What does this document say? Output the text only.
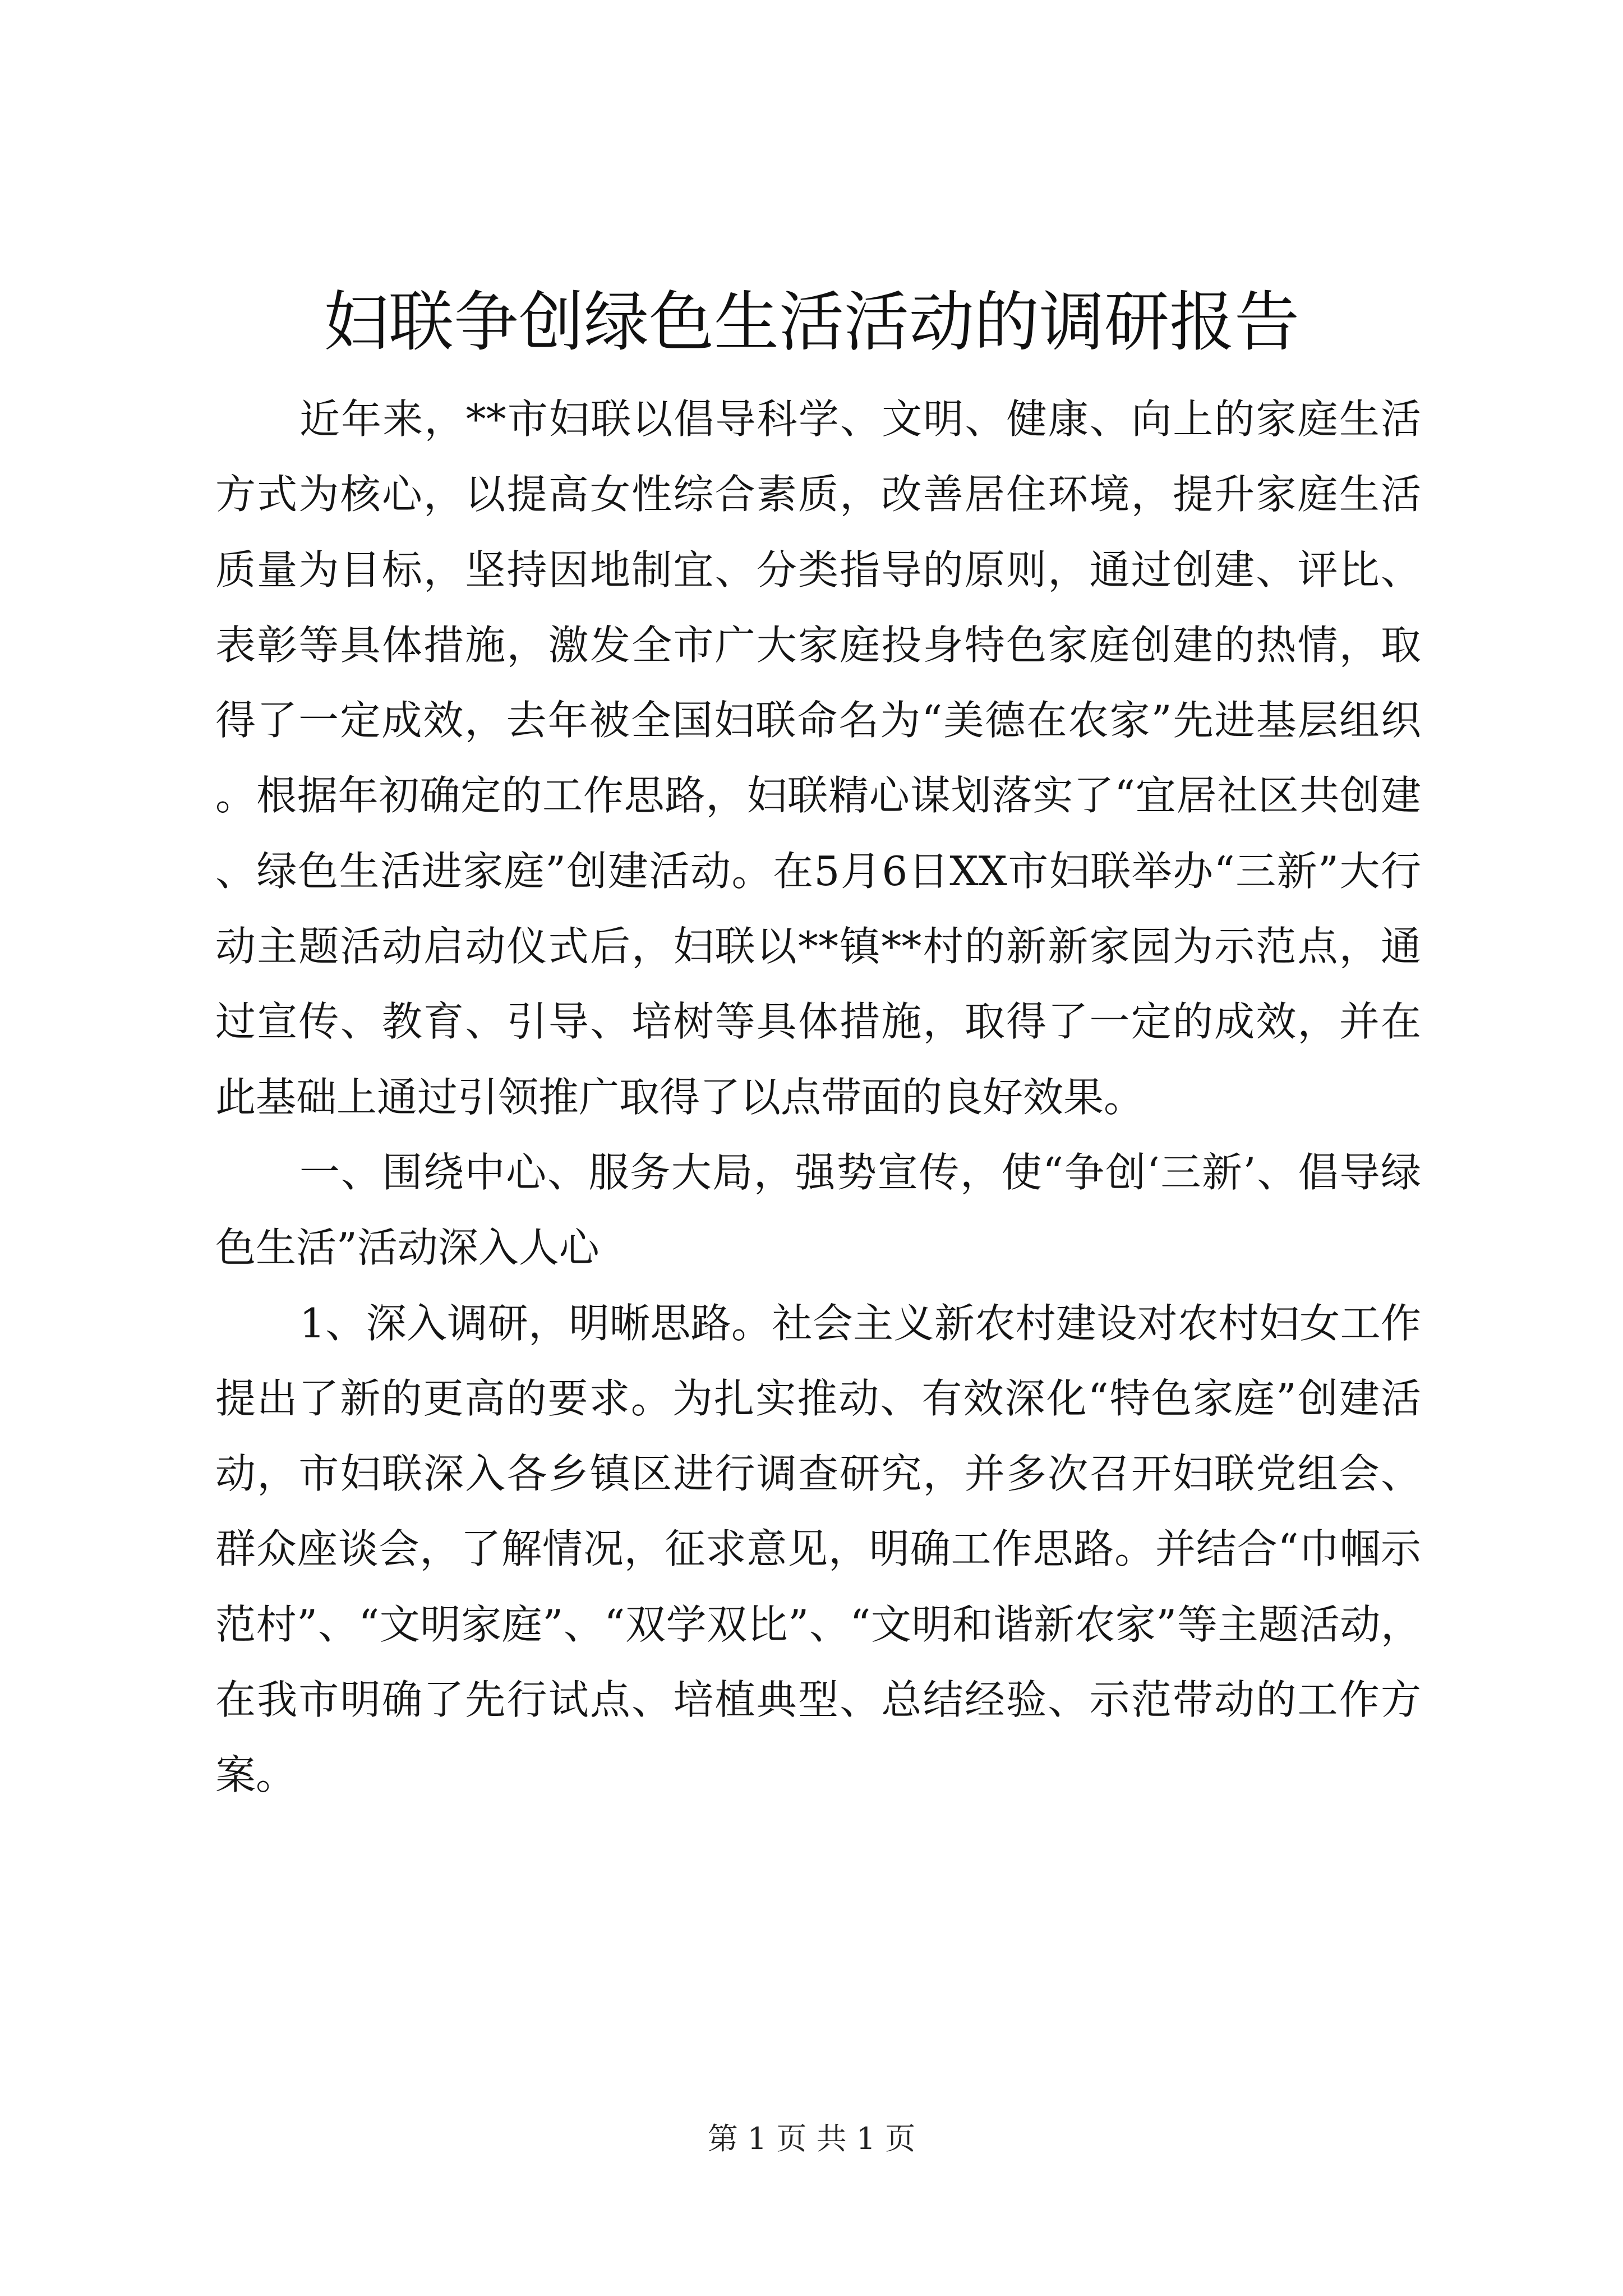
妇联争创绿色生活活动的调研报告

近年来，**市妇联以倡导科学、文明、健康、向上的家庭生活方式为核心，以提高女性综合素质，改善居住环境，提升家庭生活质量为目标，坚持因地制宜、分类指导的原则，通过创建、评比、表彰等具体措施，激发全市广大家庭投身特色家庭创建的热情，取得了一定成效，去年被全国妇联命名为“美德在农家”先进基层组织。根据年初确定的工作思路，妇联精心谋划落实了“宜居社区共创建、绿色生活进家庭”创建活动。在5月6日XX市妇联举办“三新”大行动主题活动启动仪式后，妇联以**镇**村的新新家园为示范点，通过宣传、教育、引导、培树等具体措施，取得了一定的成效，并在此基础上通过引领推广取得了以点带面的良好效果。

一、围绕中心、服务大局，强势宣传，使“争创‘三新’、倡导绿色生活”活动深入人心

1、深入调研，明晰思路。社会主义新农村建设对农村妇女工作提出了新的更高的要求。为扎实推动、有效深化“特色家庭”创建活动，市妇联深入各乡镇区进行调查研究，并多次召开妇联党组会、群众座谈会，了解情况，征求意见，明确工作思路。并结合“巾帼示范村”、“文明家庭”、“双学双比”、“文明和谐新农家”等主题活动，在我市明确了先行试点、培植典型、总结经验、示范带动的工作方案。

第 1 页 共 1 页
